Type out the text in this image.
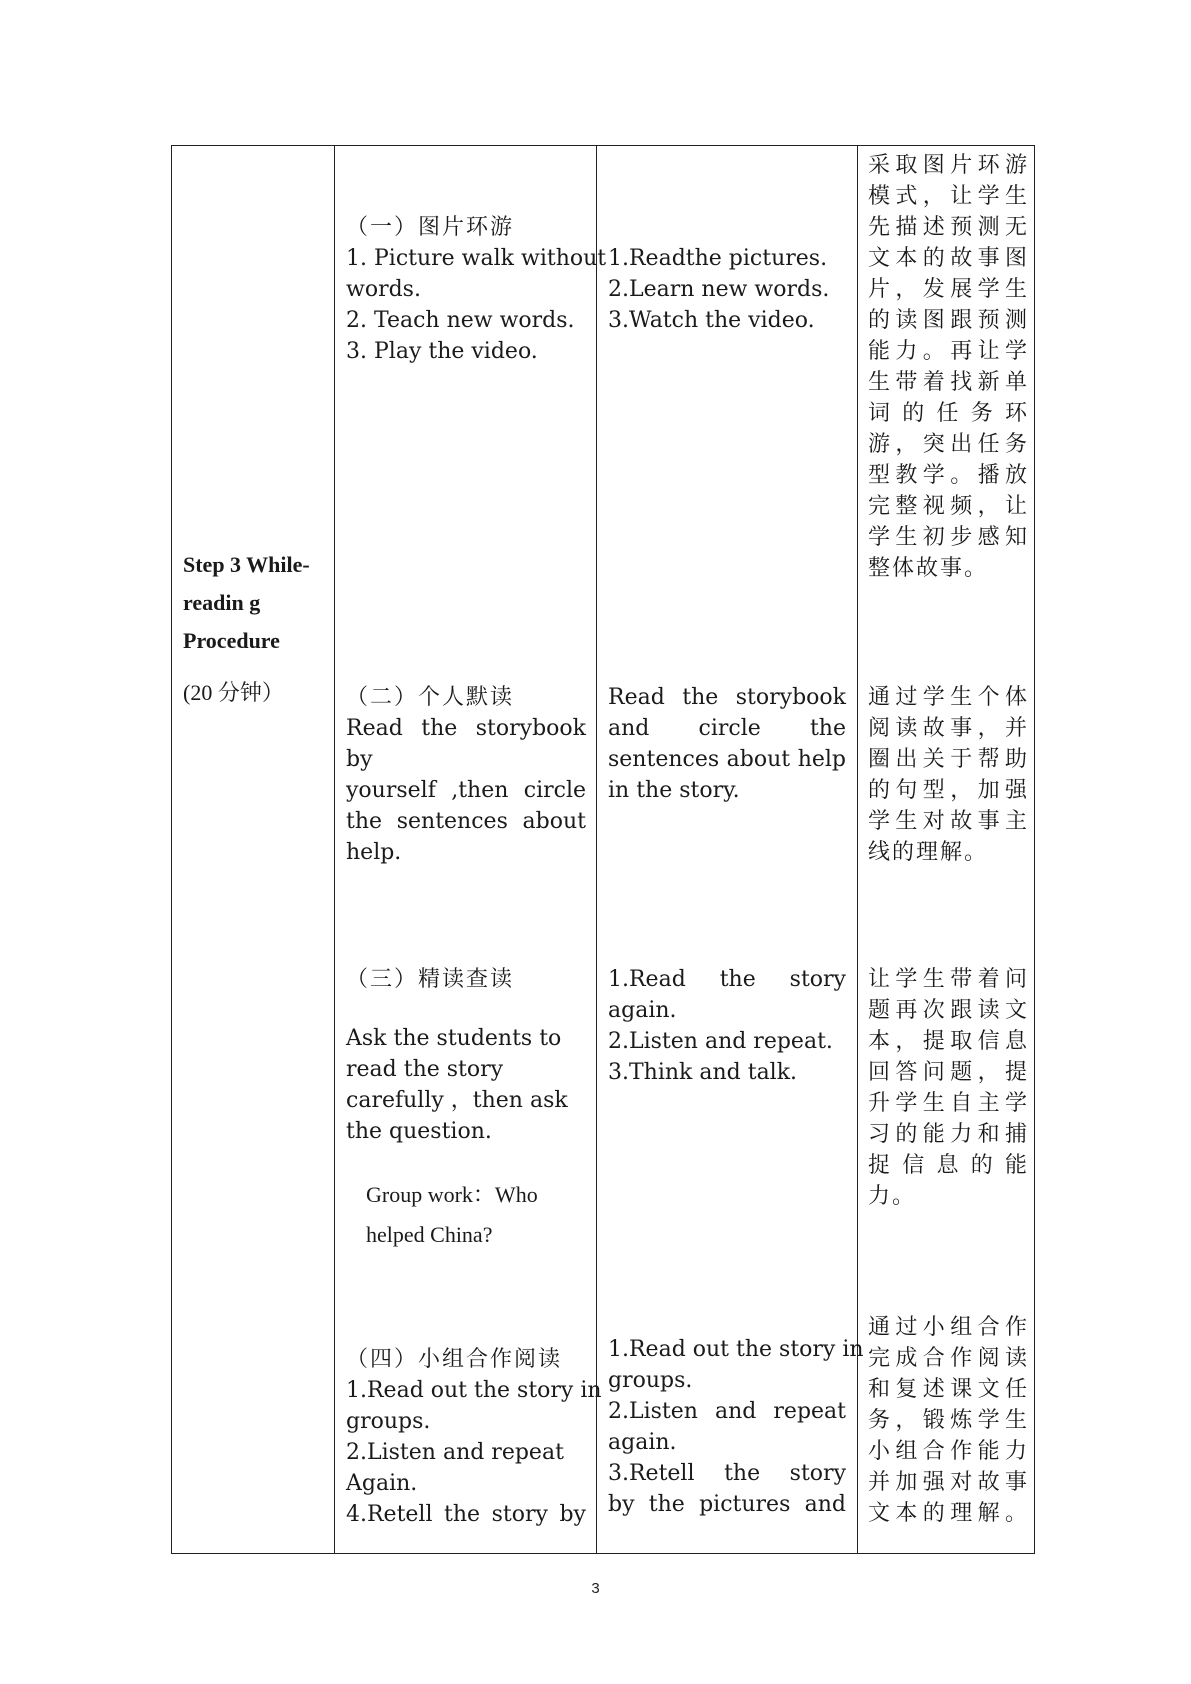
Step 3 While-readin g Procedure
(20 分钟）
（一）图片环游
1. Picture walk without
words.
2. Teach new words.
3. Play the video.
1.Readthe pictures.
2.Learn new words.
3.Watch the video.
采取图片环游
模式，让学生
先描述预测无
文本的故事图
片，发展学生
的读图跟预测
能力。再让学
生带着找新单
词 的 任 务 环
游，突出任务
型教学。播放
完整视频，让
学生初步感知
整体故事。
（二）个人默读
Read the storybook by
yourself ,then circle
the sentences about
help.
Read the storybook
and circle the
sentences about help
in the story.
通过学生个体
阅读故事，并
圈出关于帮助
的句型，加强
学生对故事主
线的理解。
（三）精读查读
Ask the students to
read the story
carefully ，then ask
the question.
Group work：Who
helped China?
1.Read the story
again.
2.Listen and repeat.
3.Think and talk.
让学生带着问
题再次跟读文
本，提取信息
回答问题，提
升学生自主学
习的能力和捕
捉 信 息 的 能
力。
（四）小组合作阅读
1.Read out the story in
groups.
2.Listen and repeat
Again.
4.Retell the story by
1.Read out the story in
groups.
2.Listen and repeat
again.
3.Retell the story
by the pictures and
通过小组合作
完成合作阅读
和复述课文任
务，锻炼学生
小组合作能力
并加强对故事
文本的理解。
3
